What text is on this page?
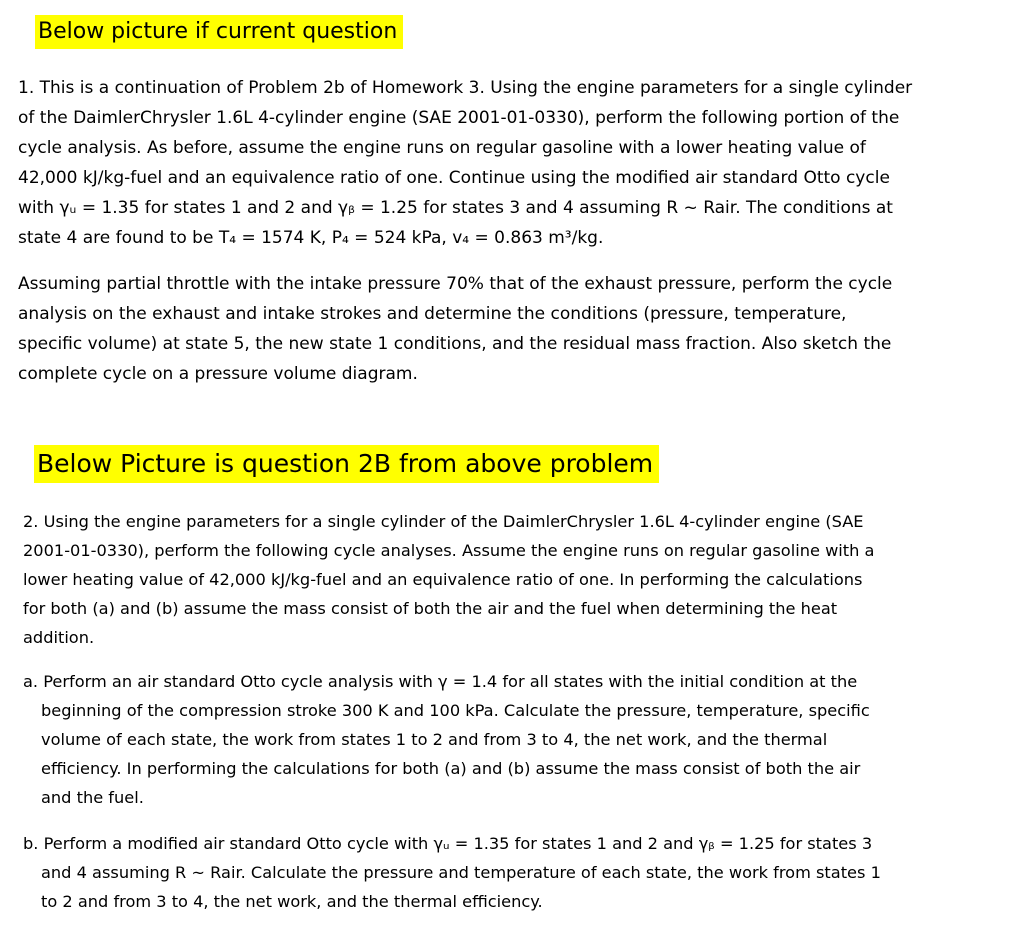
Below picture if current question
1. This is a continuation of Problem 2b of Homework 3. Using the engine parameters for a single cylinder
of the DaimlerChrysler 1.6L 4-cylinder engine (SAE 2001-01-0330), perform the following portion of the
cycle analysis. As before, assume the engine runs on regular gasoline with a lower heating value of
42,000 kJ/kg-fuel and an equivalence ratio of one. Continue using the modified air standard Otto cycle
with γᵤ = 1.35 for states 1 and 2 and γᵦ = 1.25 for states 3 and 4 assuming R ~ Rair. The conditions at
state 4 are found to be T₄ = 1574 K, P₄ = 524 kPa, v₄ = 0.863 m³/kg.
Assuming partial throttle with the intake pressure 70% that of the exhaust pressure, perform the cycle
analysis on the exhaust and intake strokes and determine the conditions (pressure, temperature,
specific volume) at state 5, the new state 1 conditions, and the residual mass fraction. Also sketch the
complete cycle on a pressure volume diagram.
Below Picture is question 2B from above problem
2. Using the engine parameters for a single cylinder of the DaimlerChrysler 1.6L 4-cylinder engine (SAE
2001-01-0330), perform the following cycle analyses. Assume the engine runs on regular gasoline with a
lower heating value of 42,000 kJ/kg-fuel and an equivalence ratio of one. In performing the calculations
for both (a) and (b) assume the mass consist of both the air and the fuel when determining the heat
addition.
a. Perform an air standard Otto cycle analysis with γ = 1.4 for all states with the initial condition at the
beginning of the compression stroke 300 K and 100 kPa. Calculate the pressure, temperature, specific
volume of each state, the work from states 1 to 2 and from 3 to 4, the net work, and the thermal
efficiency. In performing the calculations for both (a) and (b) assume the mass consist of both the air
and the fuel.
b. Perform a modified air standard Otto cycle with γᵤ = 1.35 for states 1 and 2 and γᵦ = 1.25 for states 3
and 4 assuming R ~ Rair. Calculate the pressure and temperature of each state, the work from states 1
to 2 and from 3 to 4, the net work, and the thermal efficiency.
